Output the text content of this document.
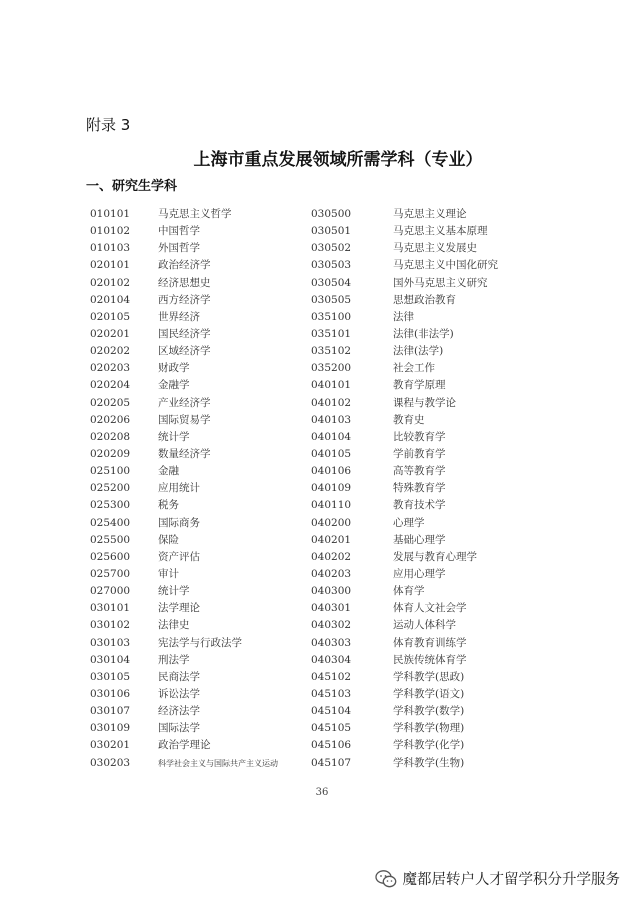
附录 3
上海市重点发展领域所需学科（专业）
一、研究生学科
010101	马克思主义哲学
010102	中国哲学
010103	外国哲学
020101	政治经济学
020102	经济思想史
020104	西方经济学
020105	世界经济
020201	国民经济学
020202	区域经济学
020203	财政学
020204	金融学
020205	产业经济学
020206	国际贸易学
020208	统计学
020209	数量经济学
025100	金融
025200	应用统计
025300	税务
025400	国际商务
025500	保险
025600	资产评估
025700	审计
027000	统计学
030101	法学理论
030102	法律史
030103	宪法学与行政法学
030104	刑法学
030105	民商法学
030106	诉讼法学
030107	经济法学
030109	国际法学
030201	政治学理论
030203	科学社会主义与国际共产主义运动
030500	马克思主义理论
030501	马克思主义基本原理
030502	马克思主义发展史
030503	马克思主义中国化研究
030504	国外马克思主义研究
030505	思想政治教育
035100	法律
035101	法律(非法学)
035102	法律(法学)
035200	社会工作
040101	教育学原理
040102	课程与教学论
040103	教育史
040104	比较教育学
040105	学前教育学
040106	高等教育学
040109	特殊教育学
040110	教育技术学
040200	心理学
040201	基础心理学
040202	发展与教育心理学
040203	应用心理学
040300	体育学
040301	体育人文社会学
040302	运动人体科学
040303	体育教育训练学
040304	民族传统体育学
045102	学科教学(思政)
045103	学科教学(语文)
045104	学科教学(数学)
045105	学科教学(物理)
045106	学科教学(化学)
045107	学科教学(生物)
36
魔都居转户人才留学积分升学服务
